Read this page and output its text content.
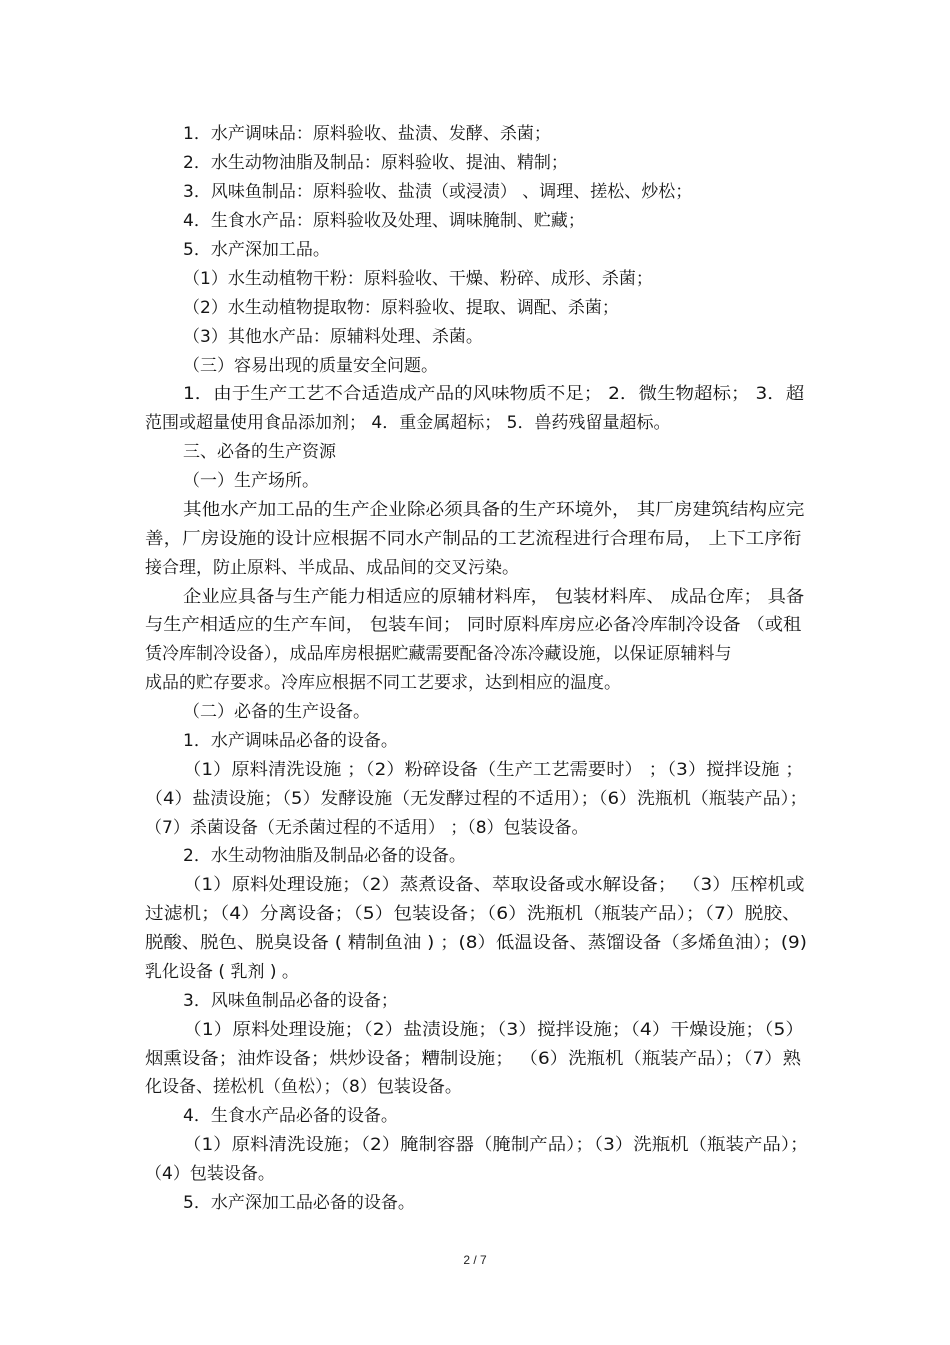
1．水产调味品：原料验收、盐渍、发酵、杀菌；
2．水生动物油脂及制品：原料验收、提油、精制；
3．风味鱼制品：原料验收、盐渍（或浸渍） 、调理、搓松、炒松；
4．生食水产品：原料验收及处理、调味腌制、贮藏；
5．水产深加工品。
（1）水生动植物干粉：原料验收、干燥、粉碎、成形、杀菌；
（2）水生动植物提取物：原料验收、提取、调配、杀菌；
（3）其他水产品：原辅料处理、杀菌。
（三）容易出现的质量安全问题。
1．由于生产工艺不合适造成产品的风味物质不足； 2．微生物超标； 3．超
范围或超量使用食品添加剂； 4．重金属超标； 5．兽药残留量超标。
三、必备的生产资源
（一）生产场所。
其他水产加工品的生产企业除必须具备的生产环境外， 其厂房建筑结构应完
善，厂房设施的设计应根据不同水产制品的工艺流程进行合理布局， 上下工序衔
接合理，防止原料、半成品、成品间的交叉污染。
企业应具备与生产能力相适应的原辅材料库， 包装材料库、 成品仓库； 具备
与生产相适应的生产车间， 包装车间； 同时原料库房应必备冷库制冷设备 （或租
赁冷库制冷设备），成品库房根据贮藏需要配备冷冻冷藏设施，以保证原辅料与
成品的贮存要求。冷库应根据不同工艺要求，达到相应的温度。
（二）必备的生产设备。
1．水产调味品必备的设备。
（1）原料清洗设施 ；（2）粉碎设备（生产工艺需要时） ；（3）搅拌设施 ；
（4）盐渍设施；（5）发酵设施（无发酵过程的不适用）；（6）洗瓶机（瓶装产品）；
（7）杀菌设备（无杀菌过程的不适用） ；（8）包装设备。
2．水生动物油脂及制品必备的设备。
（1）原料处理设施；（2）蒸煮设备、萃取设备或水解设备； （3）压榨机或
过滤机；（4）分离设备；（5）包装设备；（6）洗瓶机（瓶装产品）；（7）脱胶、
脱酸、脱色、脱臭设备 ( 精制鱼油 ) ；(8）低温设备、蒸馏设备（多烯鱼油）；(9)
乳化设备 ( 乳剂 ) 。
3．风味鱼制品必备的设备；
（1）原料处理设施；（2）盐渍设施；（3）搅拌设施；（4）干燥设施；（5）
烟熏设备；油炸设备；烘炒设备；糟制设施； （6）洗瓶机（瓶装产品）；（7）熟
化设备、搓松机（鱼松）；（8）包装设备。
4．生食水产品必备的设备。
（1）原料清洗设施；（2）腌制容器（腌制产品）；（3）洗瓶机（瓶装产品）；
（4）包装设备。
5．水产深加工品必备的设备。
2 / 7
